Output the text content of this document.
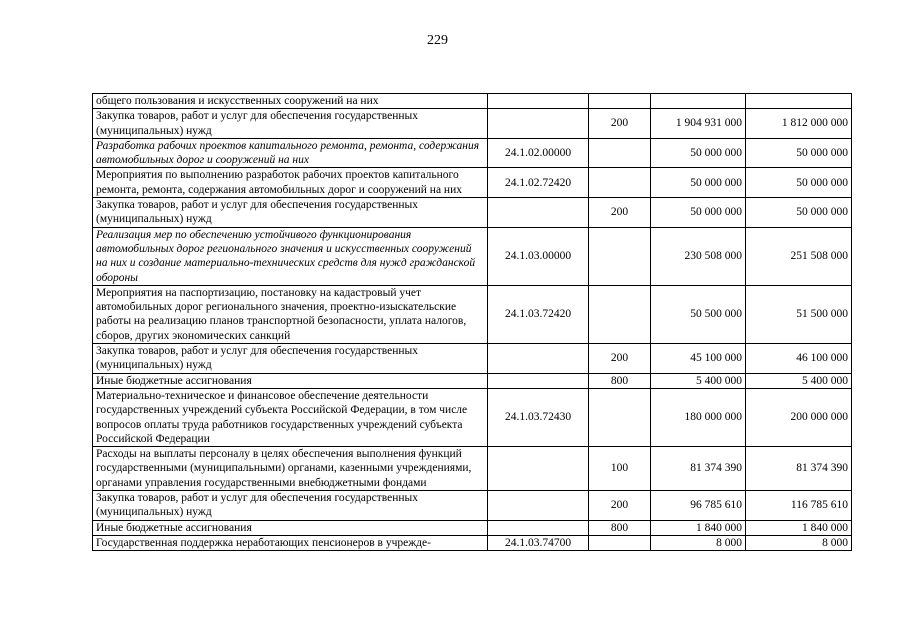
229
общего пользования и искусственных сооружений на них				
Закупка товаров, работ и услуг для обеспечения государственных (муниципальных) нужд		200	1 904 931 000	1 812 000 000
Разработка рабочих проектов капитального ремонта, ремонта, содержания автомобильных дорог и сооружений на них	24.1.02.00000		50 000 000	50 000 000
Мероприятия по выполнению разработок рабочих проектов капитального ремонта, ремонта, содержания автомобильных дорог и сооружений на них	24.1.02.72420		50 000 000	50 000 000
Закупка товаров, работ и услуг для обеспечения государственных (муниципальных) нужд		200	50 000 000	50 000 000
Реализация мер по обеспечению устойчивого функционирования автомобильных дорог регионального значения и искусственных сооружений на них и создание материально-технических средств для нужд гражданской обороны	24.1.03.00000		230 508 000	251 508 000
Мероприятия на паспортизацию, постановку на кадастровый учет автомобильных дорог регионального значения, проектно-изыскательские работы на реализацию планов транспортной безопасности, уплата налогов, сборов, других экономических санкций	24.1.03.72420		50 500 000	51 500 000
Закупка товаров, работ и услуг для обеспечения государственных (муниципальных) нужд		200	45 100 000	46 100 000
Иные бюджетные ассигнования		800	5 400 000	5 400 000
Материально-техническое и финансовое обеспечение деятельности государственных учреждений субъекта Российской Федерации, в том числе вопросов оплаты труда работников государственных учреждений субъекта Российской Федерации	24.1.03.72430		180 000 000	200 000 000
Расходы на выплаты персоналу в целях обеспечения выполнения функций государственными (муниципальными) органами, казенными учреждениями, органами управления государственными внебюджетными фондами		100	81 374 390	81 374 390
Закупка товаров, работ и услуг для обеспечения государственных (муниципальных) нужд		200	96 785 610	116 785 610
Иные бюджетные ассигнования		800	1 840 000	1 840 000
Государственная поддержка неработающих пенсионеров в учрежде-	24.1.03.74700		8 000	8 000
